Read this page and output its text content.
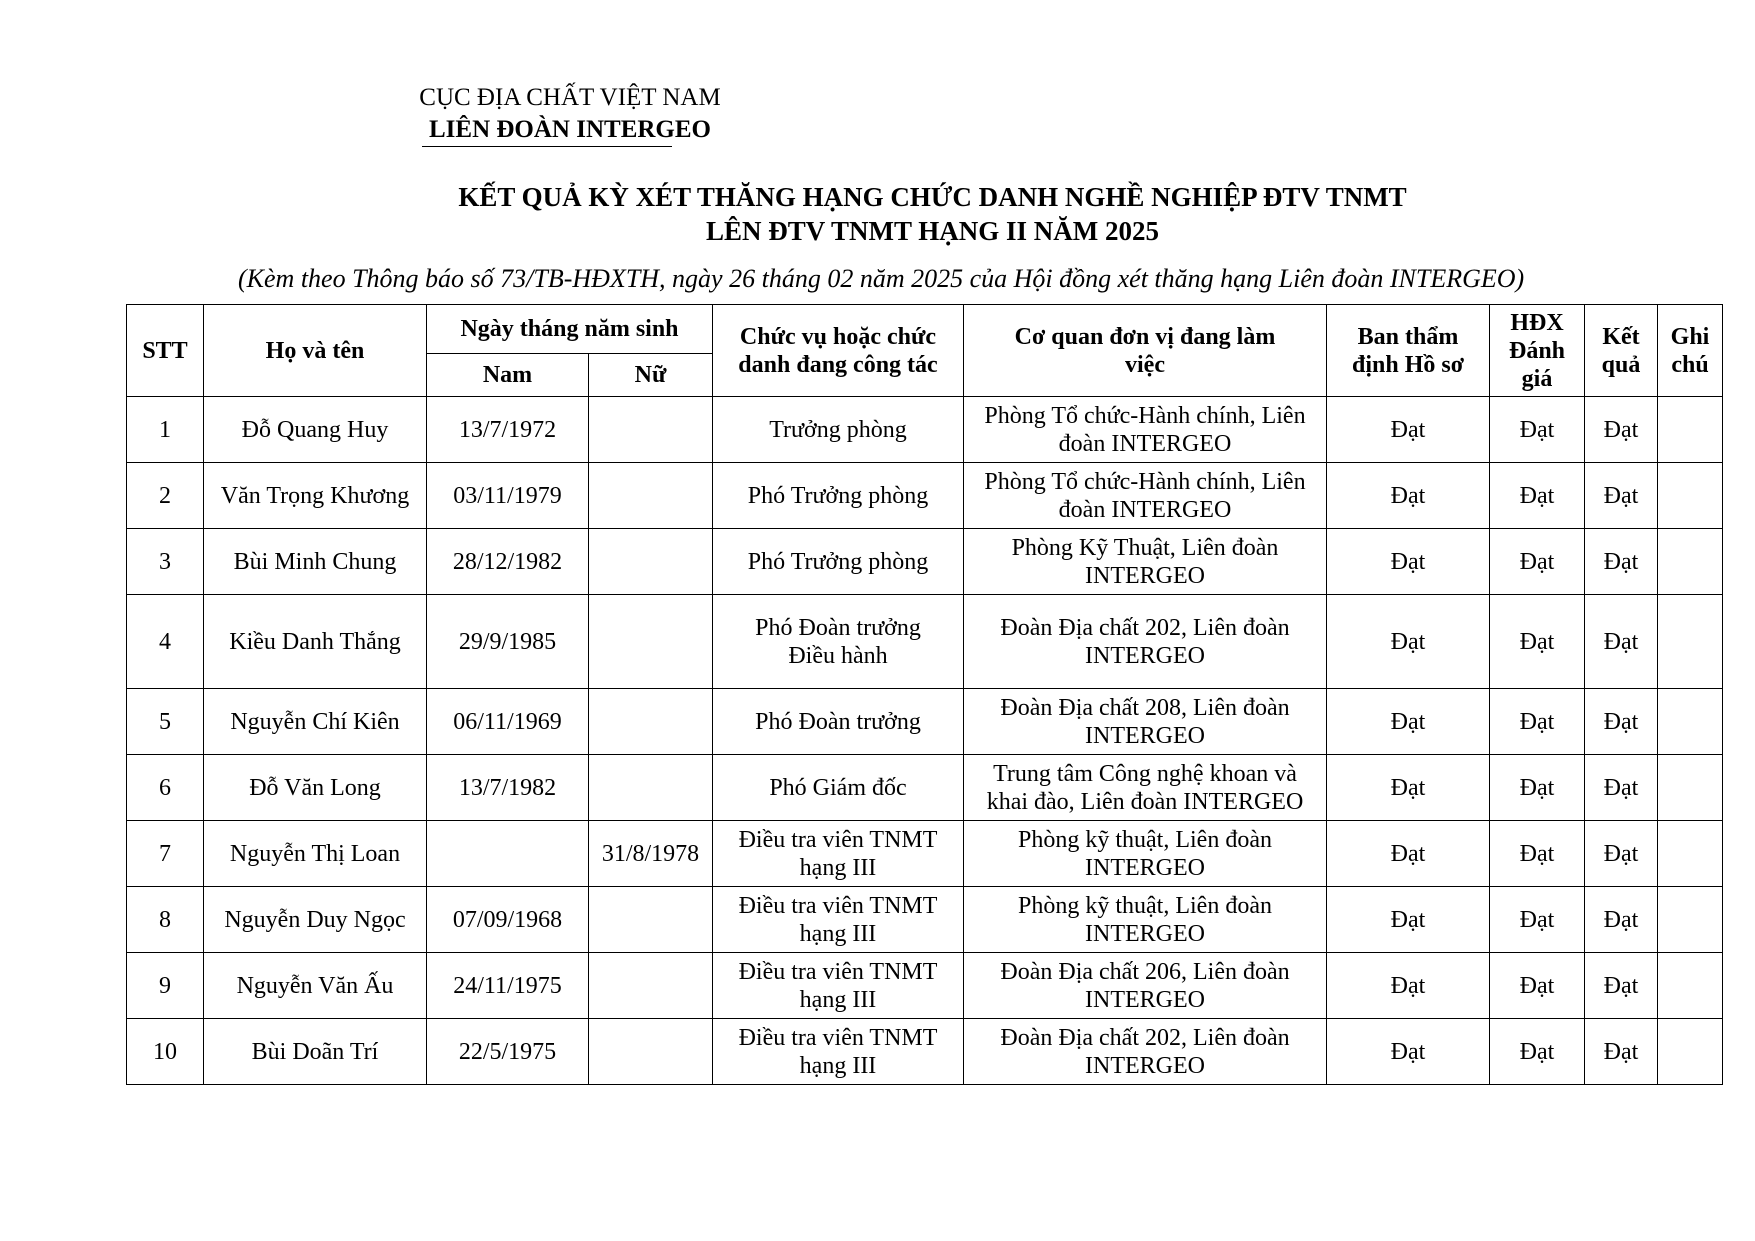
CỤC ĐỊA CHẤT VIỆT NAM
LIÊN ĐOÀN INTERGEO
KẾT QUẢ KỲ XÉT THĂNG HẠNG CHỨC DANH NGHỀ NGHIỆP ĐTV TNMT
LÊN ĐTV TNMT HẠNG II NĂM 2025
(Kèm theo Thông báo số 73/TB-HĐXTH, ngày 26 tháng 02 năm 2025 của Hội đồng xét thăng hạng Liên đoàn INTERGEO)
STT	Họ và tên	Ngày tháng năm sinh		Chức vụ hoặc chức danh đang công tác	Cơ quan đơn vị đang làm việc	Ban thẩm định Hồ sơ	HĐX Đánh giá	Kết quả	Ghi chú
		Nam	Nữ						
1	Đỗ Quang Huy	13/7/1972		Trưởng phòng	Phòng Tổ chức-Hành chính, Liên đoàn INTERGEO	Đạt	Đạt	Đạt	
2	Văn Trọng Khương	03/11/1979		Phó Trưởng phòng	Phòng Tổ chức-Hành chính, Liên đoàn INTERGEO	Đạt	Đạt	Đạt	
3	Bùi Minh Chung	28/12/1982		Phó Trưởng phòng	Phòng Kỹ Thuật, Liên đoàn INTERGEO	Đạt	Đạt	Đạt	
4	Kiều Danh Thắng	29/9/1985		Phó Đoàn trưởng Điều hành	Đoàn Địa chất 202, Liên đoàn INTERGEO	Đạt	Đạt	Đạt	
5	Nguyễn Chí Kiên	06/11/1969		Phó Đoàn trưởng	Đoàn Địa chất 208, Liên đoàn INTERGEO	Đạt	Đạt	Đạt	
6	Đỗ Văn Long	13/7/1982		Phó Giám đốc	Trung tâm Công nghệ khoan và khai đào, Liên đoàn INTERGEO	Đạt	Đạt	Đạt	
7	Nguyễn Thị Loan		31/8/1978	Điều tra viên TNMT hạng III	Phòng kỹ thuật, Liên đoàn INTERGEO	Đạt	Đạt	Đạt	
8	Nguyễn Duy Ngọc	07/09/1968		Điều tra viên TNMT hạng III	Phòng kỹ thuật, Liên đoàn INTERGEO	Đạt	Đạt	Đạt	
9	Nguyễn Văn Ấu	24/11/1975		Điều tra viên TNMT hạng III	Đoàn Địa chất 206, Liên đoàn INTERGEO	Đạt	Đạt	Đạt	
10	Bùi Doãn Trí	22/5/1975		Điều tra viên TNMT hạng III	Đoàn Địa chất 202, Liên đoàn INTERGEO	Đạt	Đạt	Đạt	
